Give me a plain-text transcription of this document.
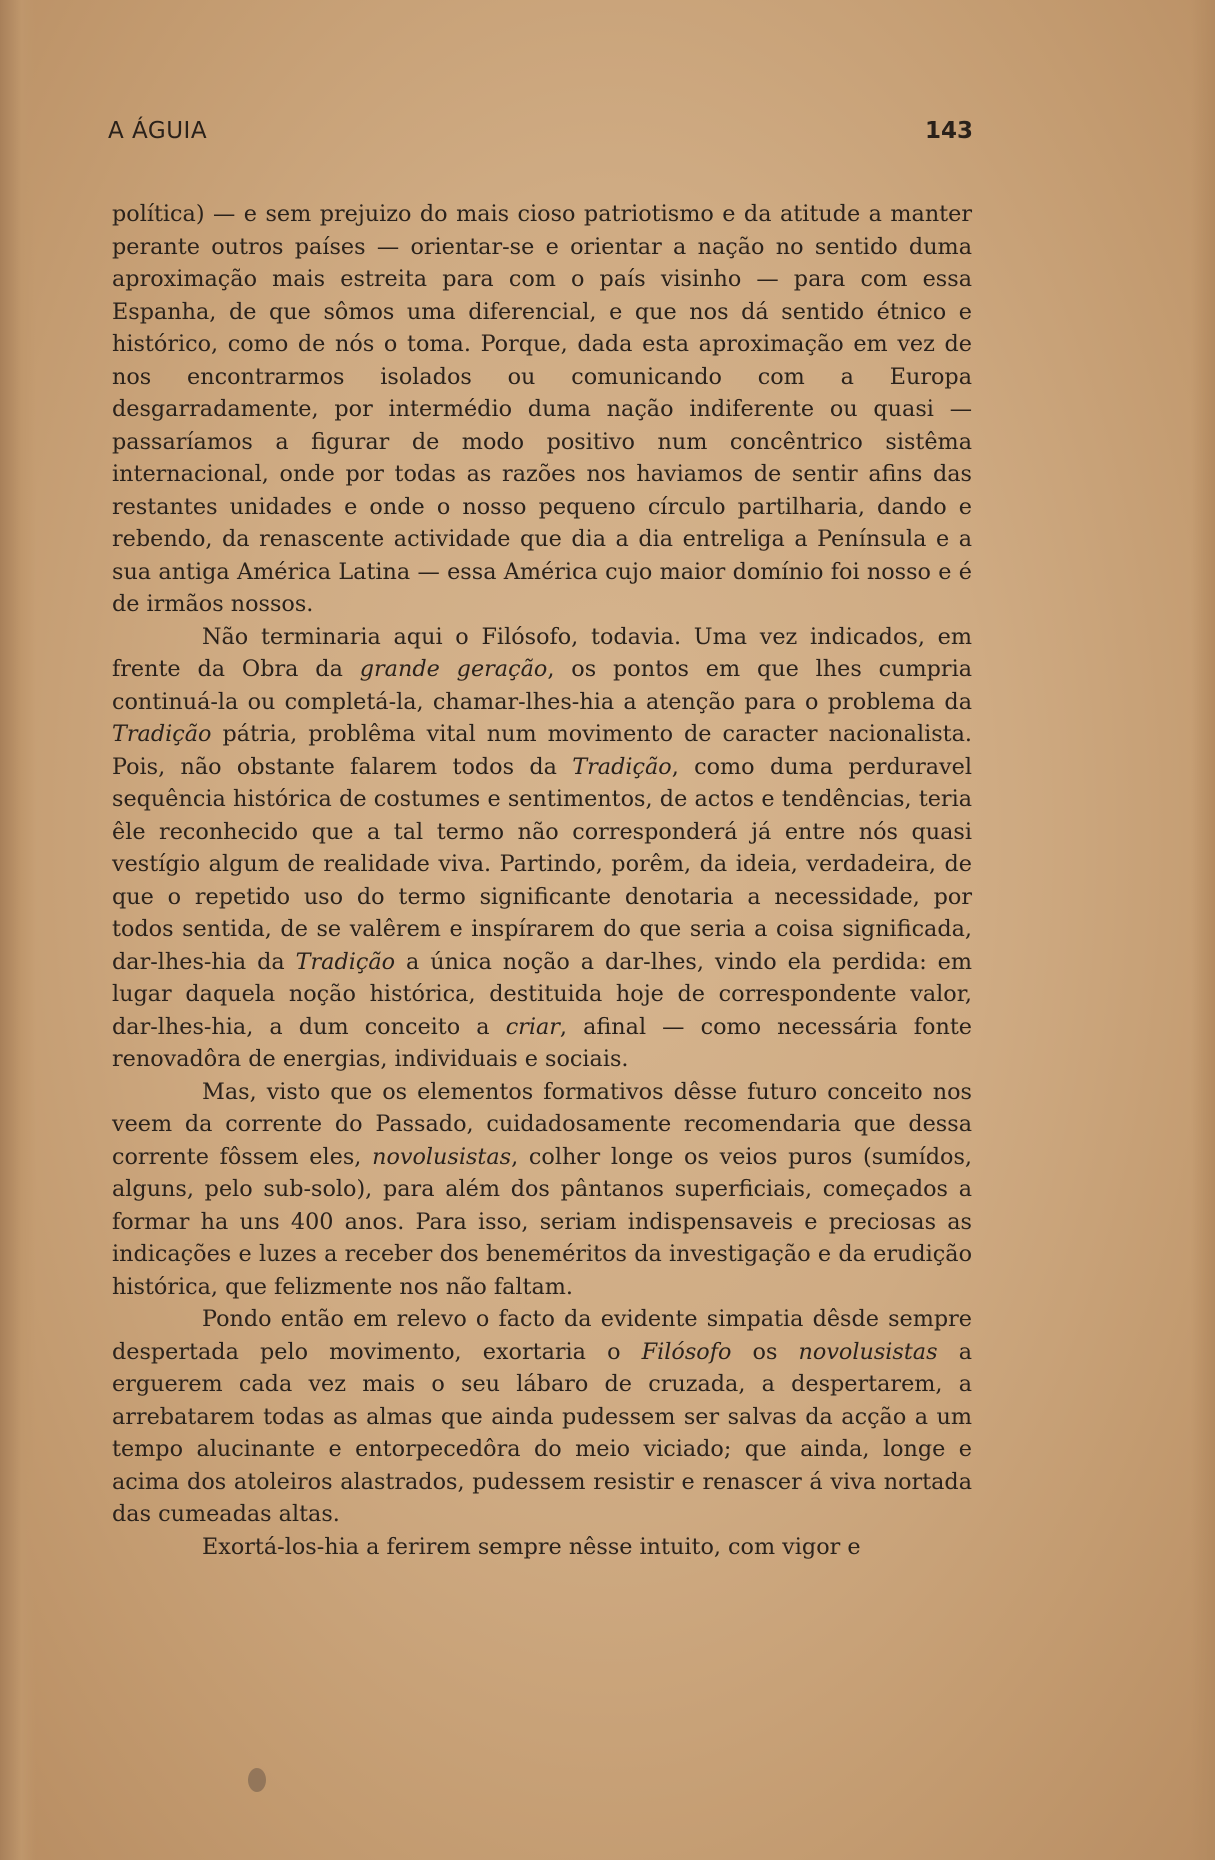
A ÁGUIA	143

política) — e sem prejuizo do mais cioso patriotismo e da atitude a manter perante outros países — orientar-se e orientar a nação no sentido duma aproximação mais estreita para com o país visinho — para com essa Espanha, de que sômos uma diferencial, e que nos dá sentido étnico e histórico, como de nós o toma. Porque, dada esta aproximação em vez de nos encontrarmos isolados ou comunicando com a Europa desgarradamente, por intermédio duma nação indiferente ou quasi — passaríamos a figurar de modo positivo num concêntrico sistêma internacional, onde por todas as razões nos haviamos de sentir afins das restantes unidades e onde o nosso pequeno círculo partilharia, dando e rebendo, da renascente actividade que dia a dia entreliga a Península e a sua antiga América Latina — essa América cujo maior domínio foi nosso e é de irmãos nossos.

Não terminaria aqui o Filósofo, todavia. Uma vez indicados, em frente da Obra da grande geração, os pontos em que lhes cumpria continuá-la ou completá-la, chamar-lhes-hia a atenção para o problema da Tradição pátria, problêma vital num movimento de caracter nacionalista. Pois, não obstante falarem todos da Tradição, como duma perduravel sequência histórica de costumes e sentimentos, de actos e tendências, teria êle reconhecido que a tal termo não corresponderá já entre nós quasi vestígio algum de realidade viva. Partindo, porêm, da ideia, verdadeira, de que o repetido uso do termo significante denotaria a necessidade, por todos sentida, de se valêrem e inspírarem do que seria a coisa significada, dar-lhes-hia da Tradição a única noção a dar-lhes, vindo ela perdida: em lugar daquela noção histórica, destituida hoje de correspondente valor, dar-lhes-hia, a dum conceito a criar, afinal — como necessária fonte renovadôra de energias, individuais e sociais.

Mas, visto que os elementos formativos dêsse futuro conceito nos veem da corrente do Passado, cuidadosamente recomendaria que dessa corrente fôssem eles, novolusistas, colher longe os veios puros (sumídos, alguns, pelo sub-solo), para além dos pântanos superficiais, começados a formar ha uns 400 anos. Para isso, seriam indispensaveis e preciosas as indicações e luzes a receber dos beneméritos da investigação e da erudição histórica, que felizmente nos não faltam.

Pondo então em relevo o facto da evidente simpatia dêsde sempre despertada pelo movimento, exortaria o Filósofo os novolusistas a erguerem cada vez mais o seu lábaro de cruzada, a despertarem, a arrebatarem todas as almas que ainda pudessem ser salvas da acção a um tempo alucinante e entorpecedôra do meio viciado; que ainda, longe e acima dos atoleiros alastrados, pudessem resistir e renascer á viva nortada das cumeadas altas.

Exortá-los-hia a ferirem sempre nêsse intuito, com vigor e
